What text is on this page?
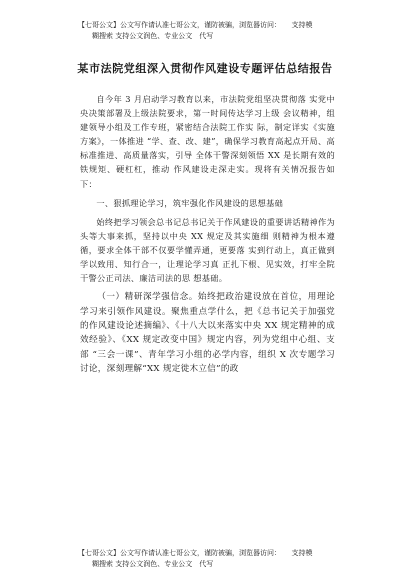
【七哥公文】公文写作请认准七哥公文，谨防被骗，浏览器访问：　　支持模
糊搜索 支持公文润色、专业公文　代写
某市法院党组深入贯彻作风建设专题评估总结报告

自今年 3 月启动学习教育以来，市法院党组坚决贯彻落 实党中央决策部署及上级法院要求，第一时间传达学习上级 会议精神，组建领导小组及工作专班，紧密结合法院工作实 际，制定详实《实施方案》，一体推进 “学、查、改、建”，确保学习教育高起点开局、高标准推进、高质量落实，引导 全体干警深刻领悟 XX 是长期有效的铁规矩、硬杠杠，推动 作风建设走深走实。现将有关情况报告如下：

一、狠抓理论学习，筑牢强化作风建设的思想基础

始终把学习领会总书记总书记关于作风建设的重要讲话精神作为头等大事来抓，坚持以中央 XX 规定及其实施细 则精神为根本遵循，要求全体干部不仅要学懂弄通，更要落 实到行动上，真正做到学以致用、知行合一，让理论学习真 正扎下根、见实效，打牢全院干警公正司法、廉洁司法的思 想基础。

（一）精研深学强信念。始终把政治建设放在首位，用理论学习来引领作风建设。聚焦重点学什么，把《总书记关于加强党的作风建设论述摘编》、《十八大以来落实中央 XX 规定精神的成效经验》、《XX 规定改变中国》规定内容，列为党组中心组、支部 “三会一课”、青年学习小组的必学内容，组织 X 次专题学习讨论，深刻理解“XX 规定徙木立信”的政

【七哥公文】公文写作请认准七哥公文，谨防被骗，浏览器访问：　　支持模
糊搜索 支持公文润色、专业公文　代写
